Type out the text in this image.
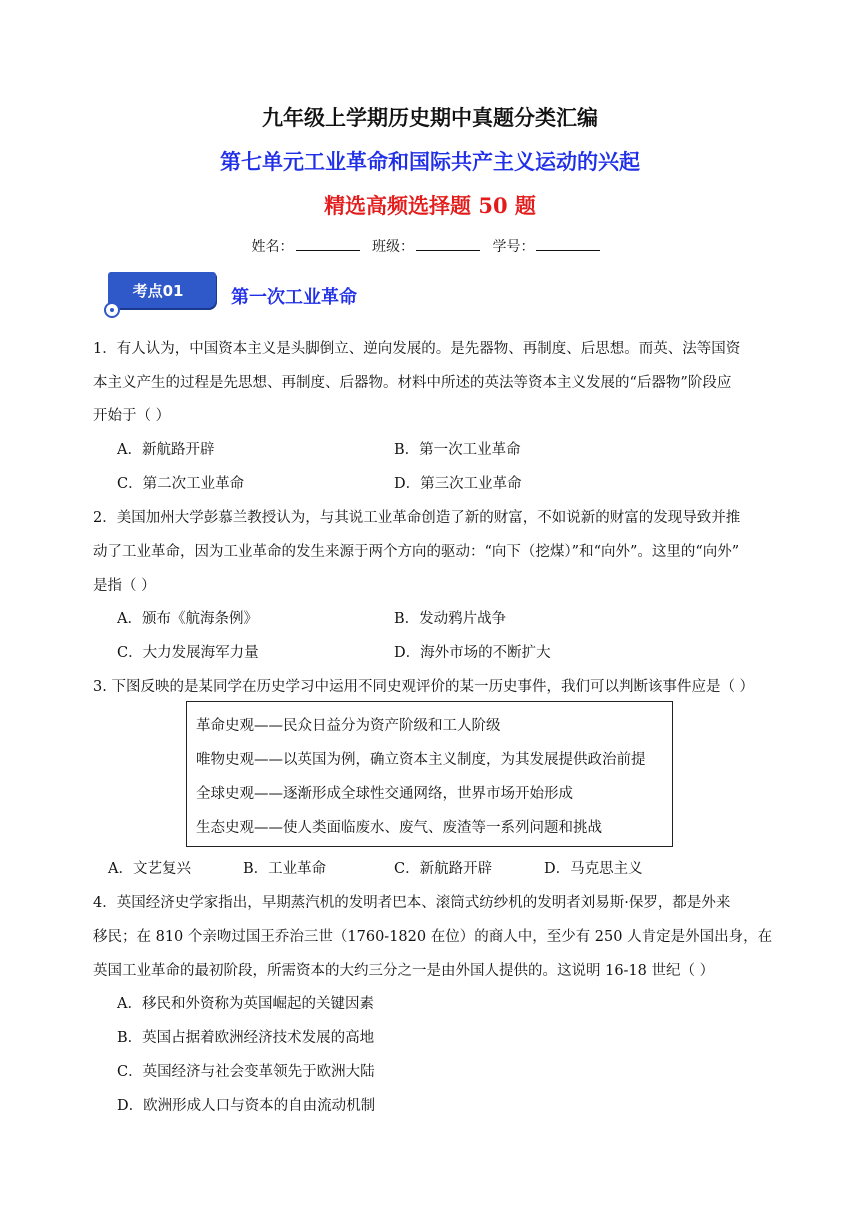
九年级上学期历史期中真题分类汇编
第七单元工业革命和国际共产主义运动的兴起
精选高频选择题 50 题
姓名：	班级：	学号：
考点01	第一次工业革命
1．有人认为，中国资本主义是头脚倒立、逆向发展的。是先器物、再制度、后思想。而英、法等国资
本主义产生的过程是先思想、再制度、后器物。材料中所述的英法等资本主义发展的“后器物”阶段应
开始于（ ）
A．新航路开辟	B．第一次工业革命
C．第二次工业革命	D．第三次工业革命
2．美国加州大学彭慕兰教授认为，与其说工业革命创造了新的财富，不如说新的财富的发现导致并推
动了工业革命，因为工业革命的发生来源于两个方向的驱动：“向下（挖煤）”和“向外”。这里的“向外”
是指（ ）
A．颁布《航海条例》	B．发动鸦片战争
C．大力发展海军力量	D．海外市场的不断扩大
3. 下图反映的是某同学在历史学习中运用不同史观评价的某一历史事件，我们可以判断该事件应是（ ）
革命史观——民众日益分为资产阶级和工人阶级
唯物史观——以英国为例，确立资本主义制度，为其发展提供政治前提
全球史观——逐渐形成全球性交通网络，世界市场开始形成
生态史观——使人类面临废水、废气、废渣等一系列问题和挑战
A．文艺复兴	B．工业革命	C．新航路开辟	D．马克思主义
4．英国经济史学家指出，早期蒸汽机的发明者巴本、滚筒式纺纱机的发明者刘易斯·保罗，都是外来
移民；在 810 个亲吻过国王乔治三世（1760-1820 在位）的商人中，至少有 250 人肯定是外国出身，在
英国工业革命的最初阶段，所需资本的大约三分之一是由外国人提供的。这说明 16-18 世纪（ ）
A．移民和外资称为英国崛起的关键因素
B．英国占据着欧洲经济技术发展的高地
C．英国经济与社会变革领先于欧洲大陆
D．欧洲形成人口与资本的自由流动机制
